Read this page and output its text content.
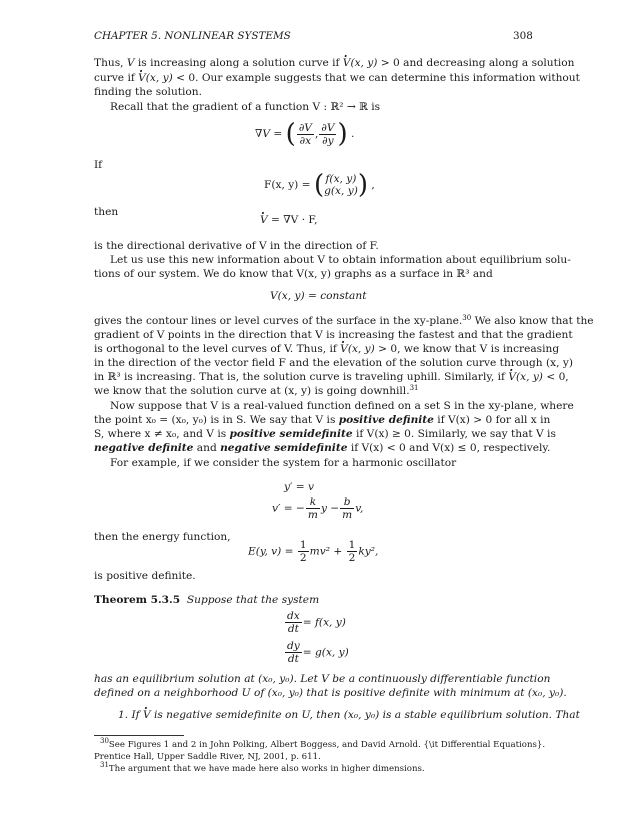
CHAPTER 5. NONLINEAR SYSTEMS	308
Thus, V is increasing along a solution curve if · V(x, y) > 0 and decreasing along a solution
curve if · V(x, y) < 0. Our example suggests that we can determine this information without
finding the solution.
Recall that the gradient of a function V : ℝ² → ℝ is
∇V = ( $\frac{\partial V}{\partial x}$ , $\frac{\partial V}{\partial y}$ ) .
If
F(x, y) = ( f(x, y)
g(x, y) ) ,
then
· V = ∇V · F,
is the directional derivative of V in the direction of F.
Let us use this new information about V to obtain information about equilibrium solu-
tions of our system. We do know that V(x, y) graphs as a surface in ℝ³ and
V(x, y) = constant
gives the contour lines or level curves of the surface in the xy-plane.$^{30}$ We also know that the
gradient of V points in the direction that V is increasing the fastest and that the gradient
is orthogonal to the level curves of V. Thus, if · V(x, y) > 0, we know that V is increasing
in the direction of the vector field F and the elevation of the solution curve through (x, y)
in ℝ³ is increasing. That is, the solution curve is traveling uphill. Similarly, if · V(x, y) < 0,
we know that the solution curve at (x, y) is going downhill.$^{31}$
Now suppose that V is a real-valued function defined on a set S in the xy-plane, where
the point x₀ = (x₀, y₀) is in S. We say that V is positive definite if V(x) > 0 for all x in
S, where x ≠ x₀, and V is positive semidefinite if V(x) ≥ 0. Similarly, we say that V is
negative definite and negative semidefinite if V(x) < 0 and V(x) ≤ 0, respectively.
For example, if we consider the system for a harmonic oscillator
y′ = v
v′ = − $\frac{k}{m}$ $y - \frac{b}{m} v$,
then the energy function,
E(y, $v) = \frac{1}{2} mv^2 + \frac{1}{2} ky^2$,
is positive definite.
Theorem 5.3.5 Suppose that the system
$\frac{dx}{dt} = f(x$, y)
$\frac{dy}{dt} = g(x$, y)
has an equilibrium solution at (x₀, y₀). Let V be a continuously differentiable function
defined on a neighborhood U of (x₀, y₀) that is positive definite with minimum at (x₀, y₀).
1. If · V is negative semidefinite on U, then (x₀, y₀) is a stable equilibrium solution. That
$^{30}$See Figures 1 and 2 in John Polking, Albert Boggess, and David Arnold. {\it Differential Equations}.
Prentice Hall, Upper Saddle River, NJ, 2001, p. 611.
$^{31}$The argument that we have made here also works in higher dimensions.
